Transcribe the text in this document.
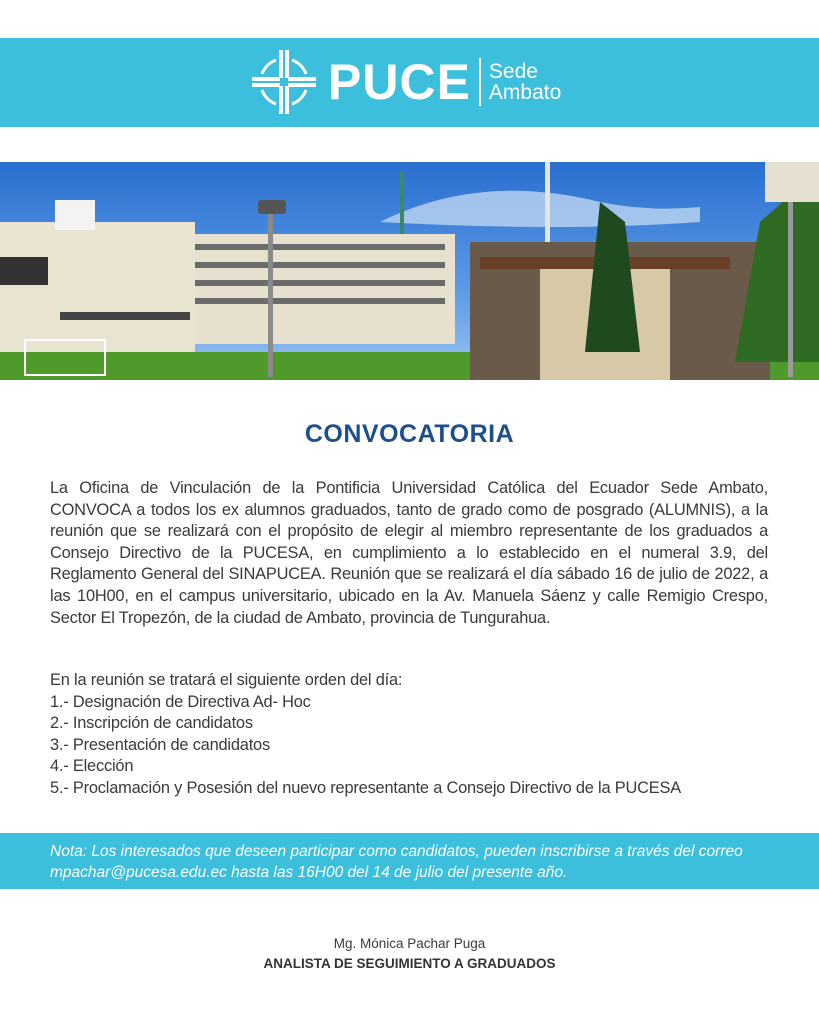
PUCE Sede
Ambato
CONVOCATORIA
La Oficina de Vinculación de la Pontificia Universidad Católica del Ecuador Sede Ambato, CONVOCA a todos los ex alumnos graduados, tanto de grado como de posgrado (ALUMNIS), a la reunión que se realizará con el propósito de elegir al miembro representante de los graduados a Consejo Directivo de la PUCESA, en cumplimiento a lo establecido en el numeral 3.9, del Reglamento General del SINAPUCEA. Reunión que se realizará el día sábado 16 de julio de 2022, a las 10H00, en el campus universitario, ubicado en la Av. Manuela Sáenz y calle Remigio Crespo, Sector El Tropezón, de la ciudad de Ambato, provincia de Tungurahua.
En la reunión se tratará el siguiente orden del día:
1.- Designación de Directiva Ad- Hoc
2.- Inscripción de candidatos
3.- Presentación de candidatos
4.- Elección
5.- Proclamación y Posesión del nuevo representante a Consejo Directivo de la PUCESA
Nota: Los interesados que deseen participar como candidatos, pueden inscribirse a través del correo mpachar@pucesa.edu.ec hasta las 16H00 del 14 de julio del presente año.
Mg. Mónica Pachar Puga
ANALISTA DE SEGUIMIENTO A GRADUADOS
